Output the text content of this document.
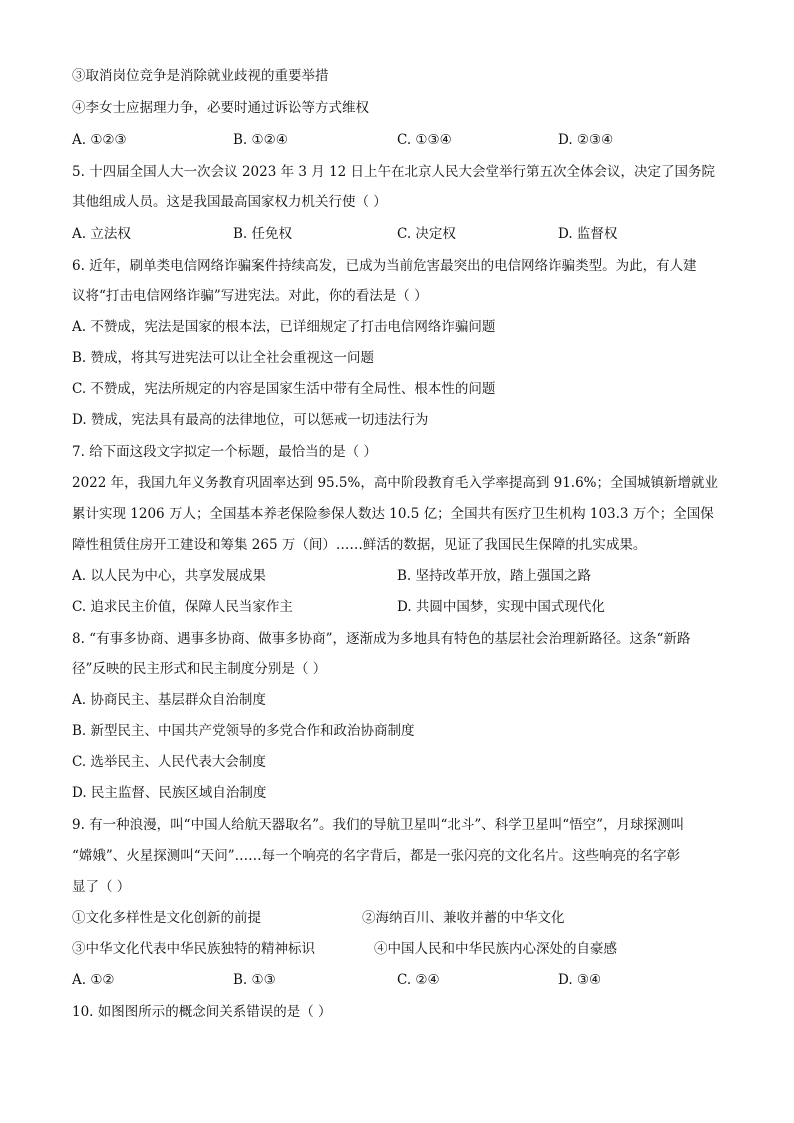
③取消岗位竞争是消除就业歧视的重要举措
④李女士应据理力争，必要时通过诉讼等方式维权
A. ①②③	B. ①②④	C. ①③④	D. ②③④
5. 十四届全国人大一次会议 2023 年 3 月 12 日上午在北京人民大会堂举行第五次全体会议，决定了国务院
其他组成人员。这是我国最高国家权力机关行使（ ）
A. 立法权	B. 任免权	C. 决定权	D. 监督权
6. 近年，刷单类电信网络诈骗案件持续高发，已成为当前危害最突出的电信网络诈骗类型。为此，有人建
议将“打击电信网络诈骗”写进宪法。对此，你的看法是（ ）
A. 不赞成，宪法是国家的根本法，已详细规定了打击电信网络诈骗问题
B. 赞成，将其写进宪法可以让全社会重视这一问题
C. 不赞成，宪法所规定的内容是国家生活中带有全局性、根本性的问题
D. 赞成，宪法具有最高的法律地位，可以惩戒一切违法行为
7. 给下面这段文字拟定一个标题，最恰当的是（ ）
2022 年，我国九年义务教育巩固率达到 95.5%，高中阶段教育毛入学率提高到 91.6%；全国城镇新增就业
累计实现 1206 万人；全国基本养老保险参保人数达 10.5 亿；全国共有医疗卫生机构 103.3 万个；全国保
障性租赁住房开工建设和筹集 265 万（间）……鲜活的数据，见证了我国民生保障的扎实成果。
A. 以人民为中心，共享发展成果	B. 坚持改革开放，踏上强国之路
C. 追求民主价值，保障人民当家作主	D. 共圆中国梦，实现中国式现代化
8. “有事多协商、遇事多协商、做事多协商”，逐渐成为多地具有特色的基层社会治理新路径。这条“新路
径”反映的民主形式和民主制度分别是（ ）
A. 协商民主、基层群众自治制度
B. 新型民主、中国共产党领导的多党合作和政治协商制度
C. 选举民主、人民代表大会制度
D. 民主监督、民族区域自治制度
9. 有一种浪漫，叫“中国人给航天器取名”。我们的导航卫星叫“北斗”、科学卫星叫“悟空”，月球探测叫
“嫦娥”、火星探测叫“天问”……每一个响亮的名字背后，都是一张闪亮的文化名片。这些响亮的名字彰
显了（ ）
①文化多样性是文化创新的前提	②海纳百川、兼收并蓄的中华文化
③中华文化代表中华民族独特的精神标识	④中国人民和中华民族内心深处的自豪感
A. ①②	B. ①③	C. ②④	D. ③④
10. 如图图所示的概念间关系错误的是（ ）
